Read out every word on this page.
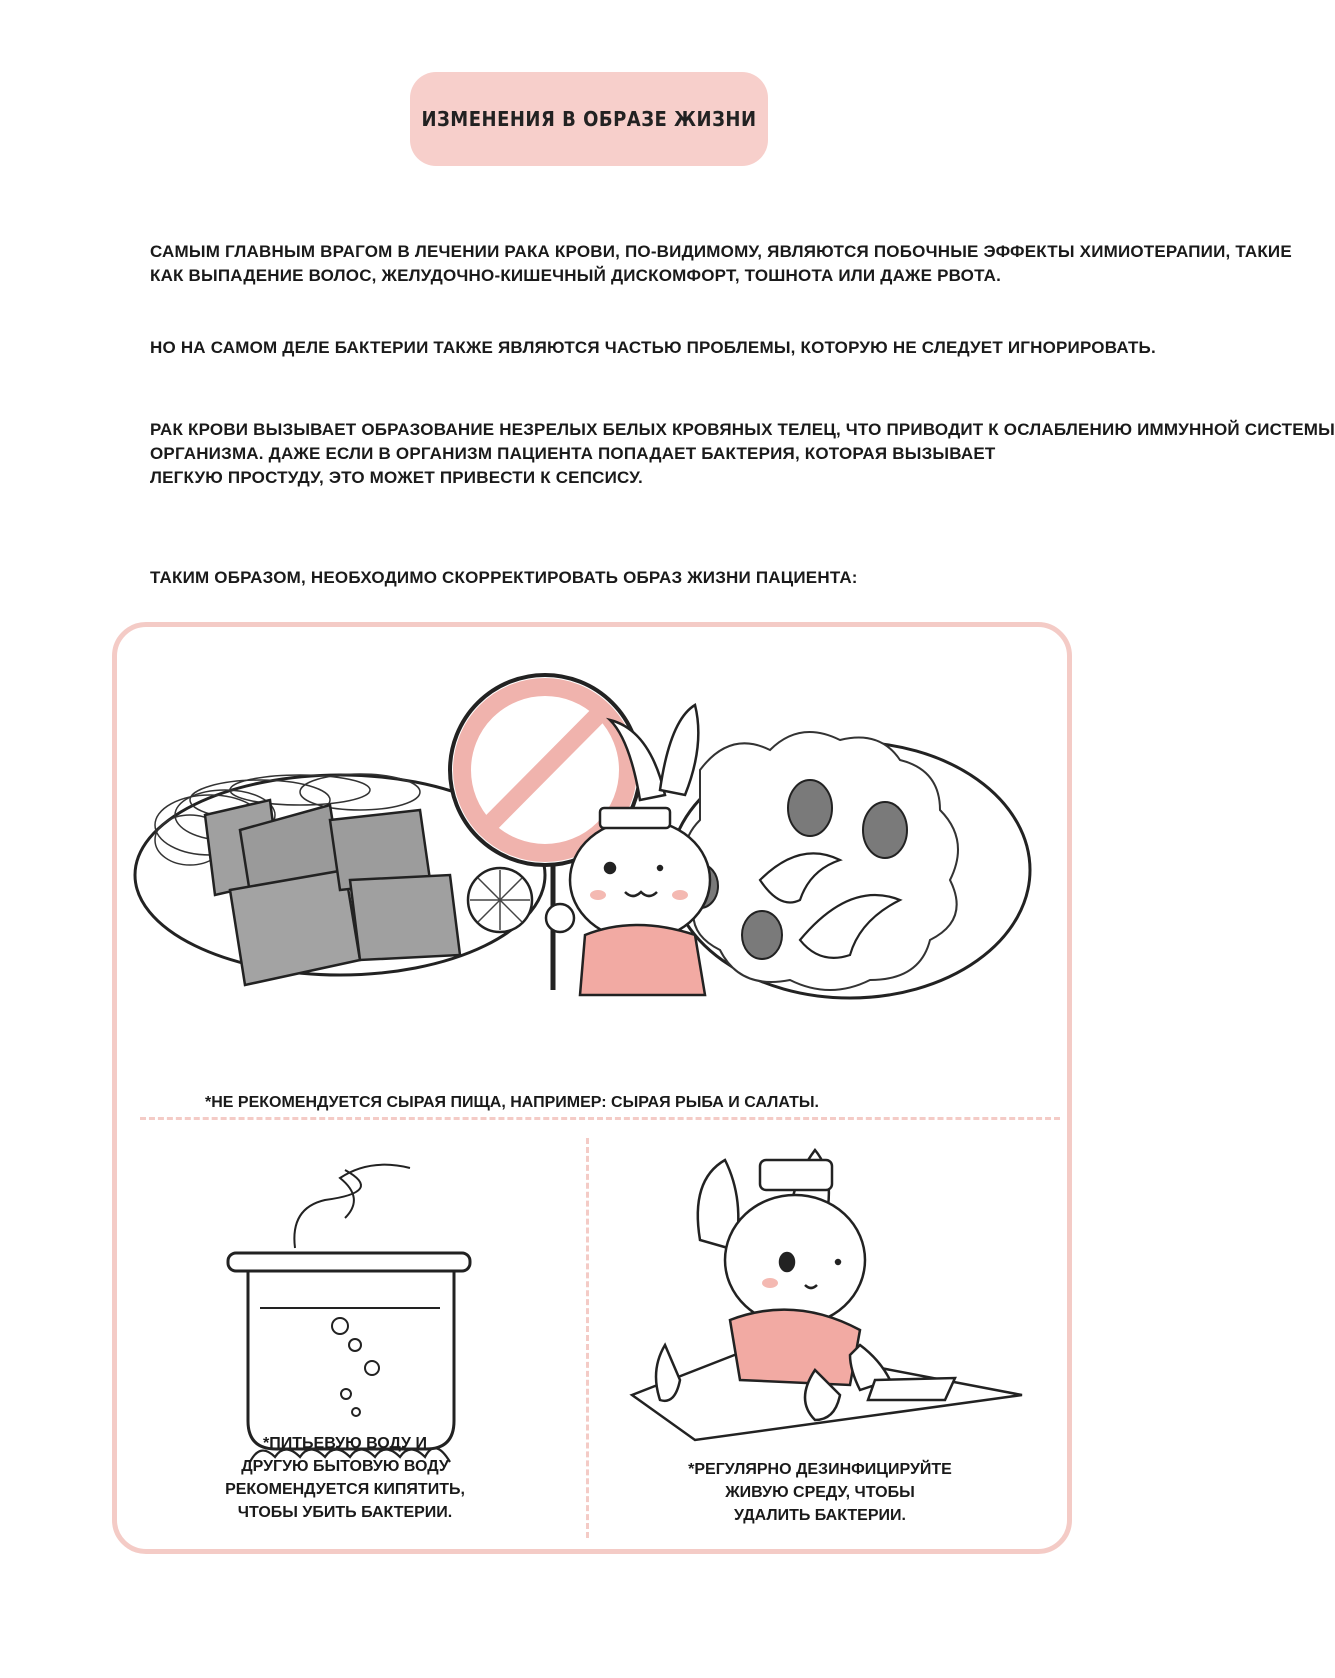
ИЗМЕНЕНИЯ В ОБРАЗЕ ЖИЗНИ
САМЫМ ГЛАВНЫМ ВРАГОМ В ЛЕЧЕНИИ РАКА КРОВИ, ПО-ВИДИМОМУ, ЯВЛЯЮТСЯ ПОБОЧНЫЕ ЭФФЕКТЫ ХИМИОТЕРАПИИ, ТАКИЕ
КАК ВЫПАДЕНИЕ ВОЛОС, ЖЕЛУДОЧНО-КИШЕЧНЫЙ ДИСКОМФОРТ, ТОШНОТА ИЛИ ДАЖЕ РВОТА.
НО НА САМОМ ДЕЛЕ БАКТЕРИИ ТАКЖЕ ЯВЛЯЮТСЯ ЧАСТЬЮ ПРОБЛЕМЫ, КОТОРУЮ НЕ СЛЕДУЕТ ИГНОРИРОВАТЬ.
РАК КРОВИ ВЫЗЫВАЕТ ОБРАЗОВАНИЕ НЕЗРЕЛЫХ БЕЛЫХ КРОВЯНЫХ ТЕЛЕЦ, ЧТО ПРИВОДИТ К ОСЛАБЛЕНИЮ ИММУННОЙ СИСТЕМЫ
ОРГАНИЗМА. ДАЖЕ ЕСЛИ В ОРГАНИЗМ ПАЦИЕНТА ПОПАДАЕТ БАКТЕРИЯ, КОТОРАЯ ВЫЗЫВАЕТ
ЛЕГКУЮ ПРОСТУДУ, ЭТО МОЖЕТ ПРИВЕСТИ К СЕПСИСУ.
ТАКИМ ОБРАЗОМ, НЕОБХОДИМО СКОРРЕКТИРОВАТЬ ОБРАЗ ЖИЗНИ ПАЦИЕНТА:
*НЕ РЕКОМЕНДУЕТСЯ СЫРАЯ ПИЩА, НАПРИМЕР: СЫРАЯ РЫБА И САЛАТЫ.
*ПИТЬЕВУЮ ВОДУ И
ДРУГУЮ БЫТОВУЮ ВОДУ
РЕКОМЕНДУЕТСЯ КИПЯТИТЬ,
ЧТОБЫ УБИТЬ БАКТЕРИИ.
*РЕГУЛЯРНО ДЕЗИНФИЦИРУЙТЕ
ЖИВУЮ СРЕДУ, ЧТОБЫ
УДАЛИТЬ БАКТЕРИИ.
